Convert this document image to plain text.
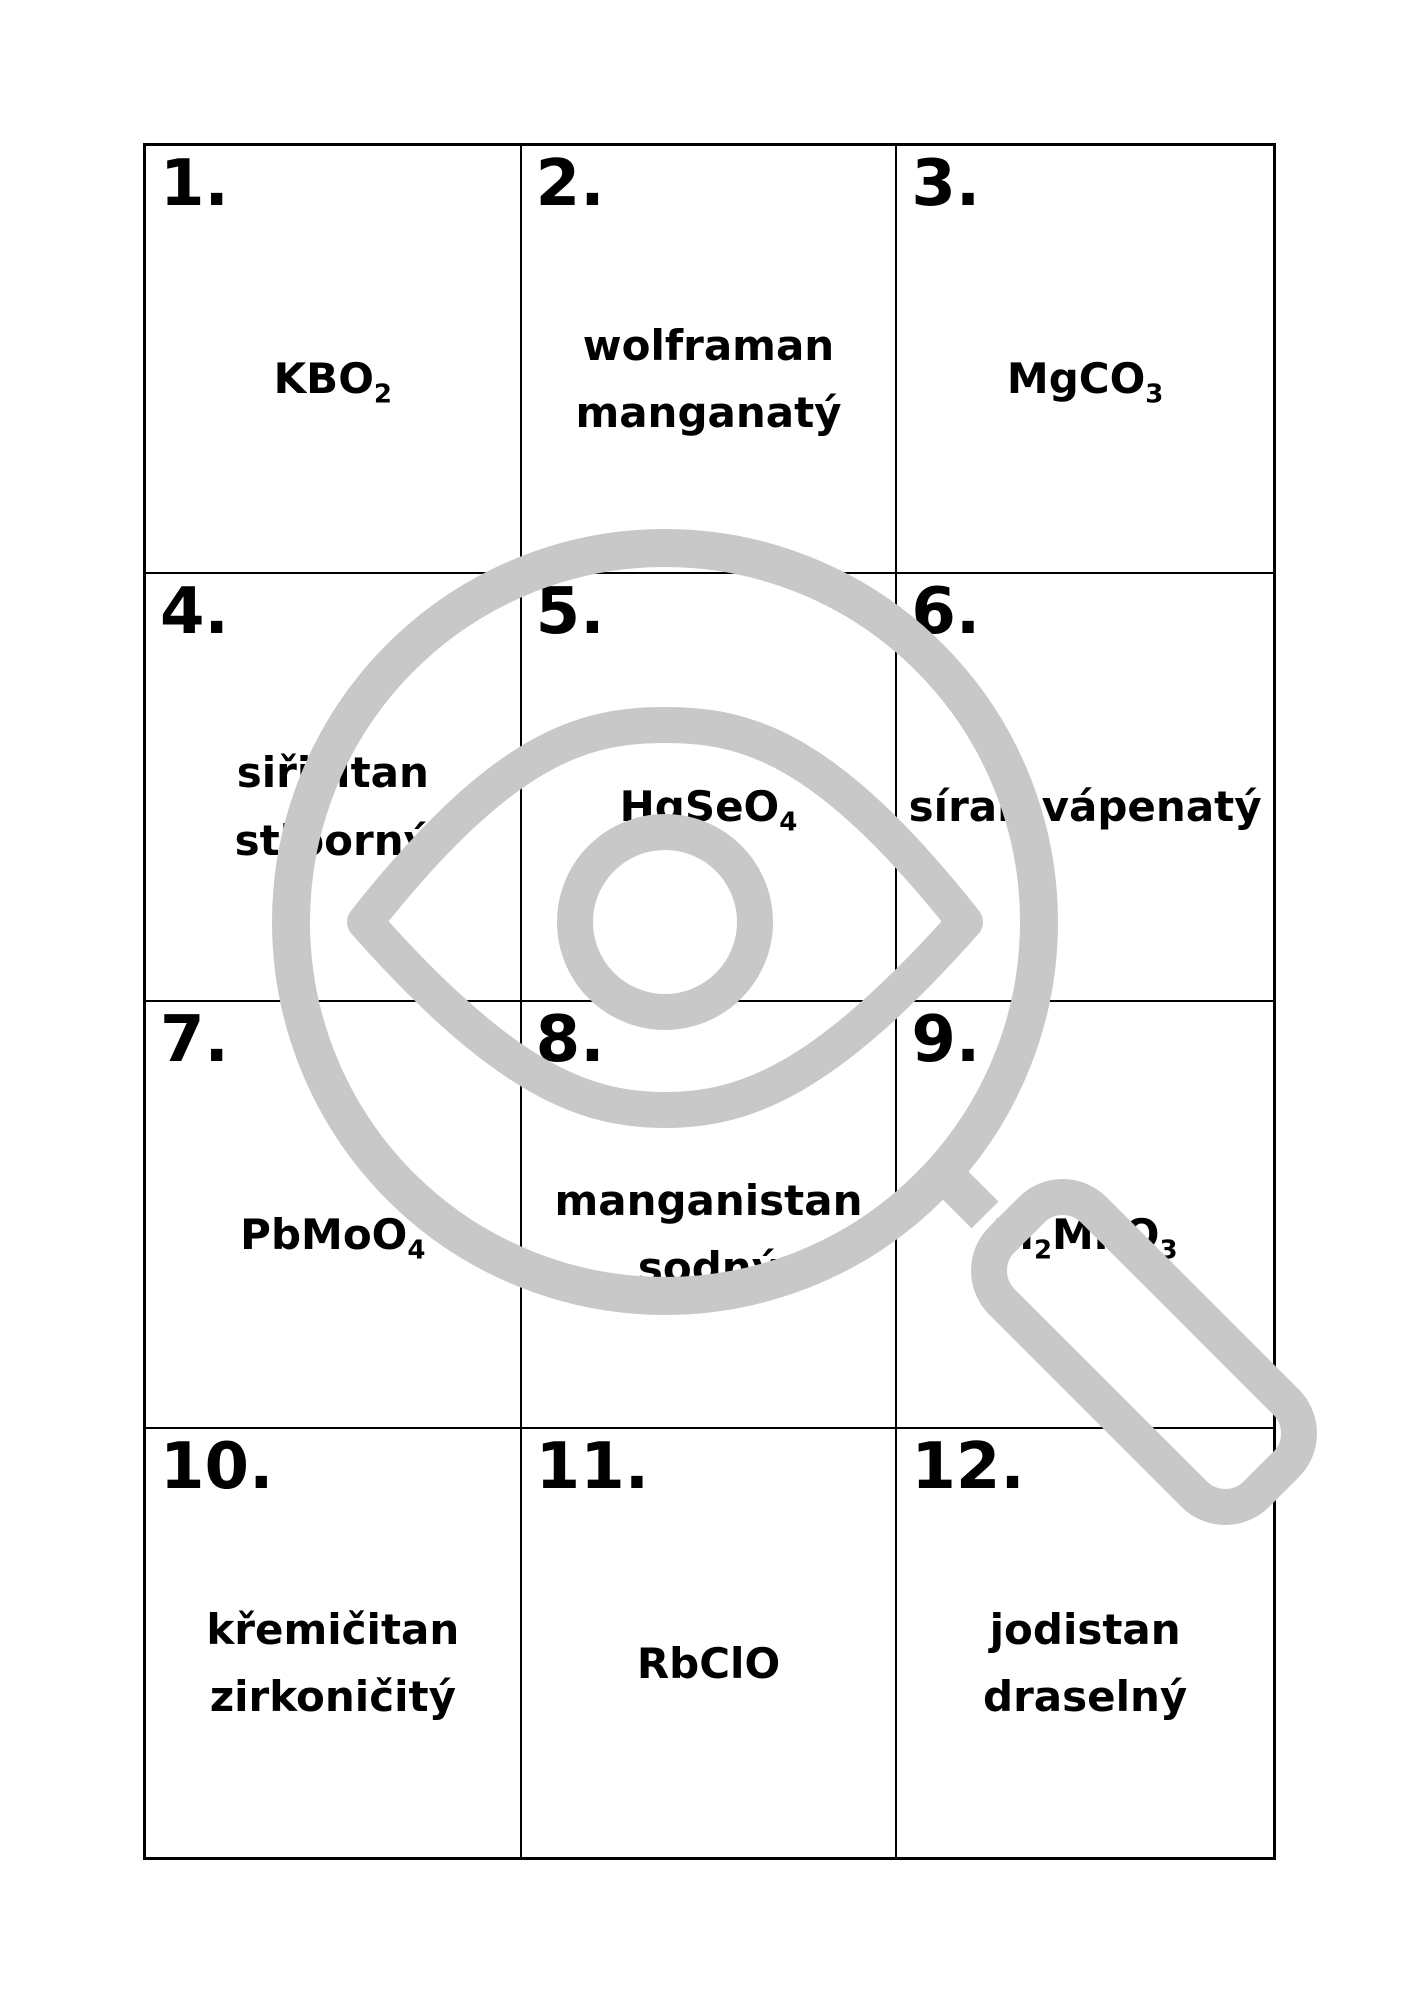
1.
$KBO_2$
2.
wolframan manganatý
3.
MgCO$_3$
4.
siřičitan stiborný
5.
HgSeO$_4$
6.
síran vápenatý
7.
PbMoO$_4$
8.
manganistan sodný
9.
$Li_2MnO_3$
10.
křemičitan zirkoničitý
11.
RbClO
12.
jodistan draselný
